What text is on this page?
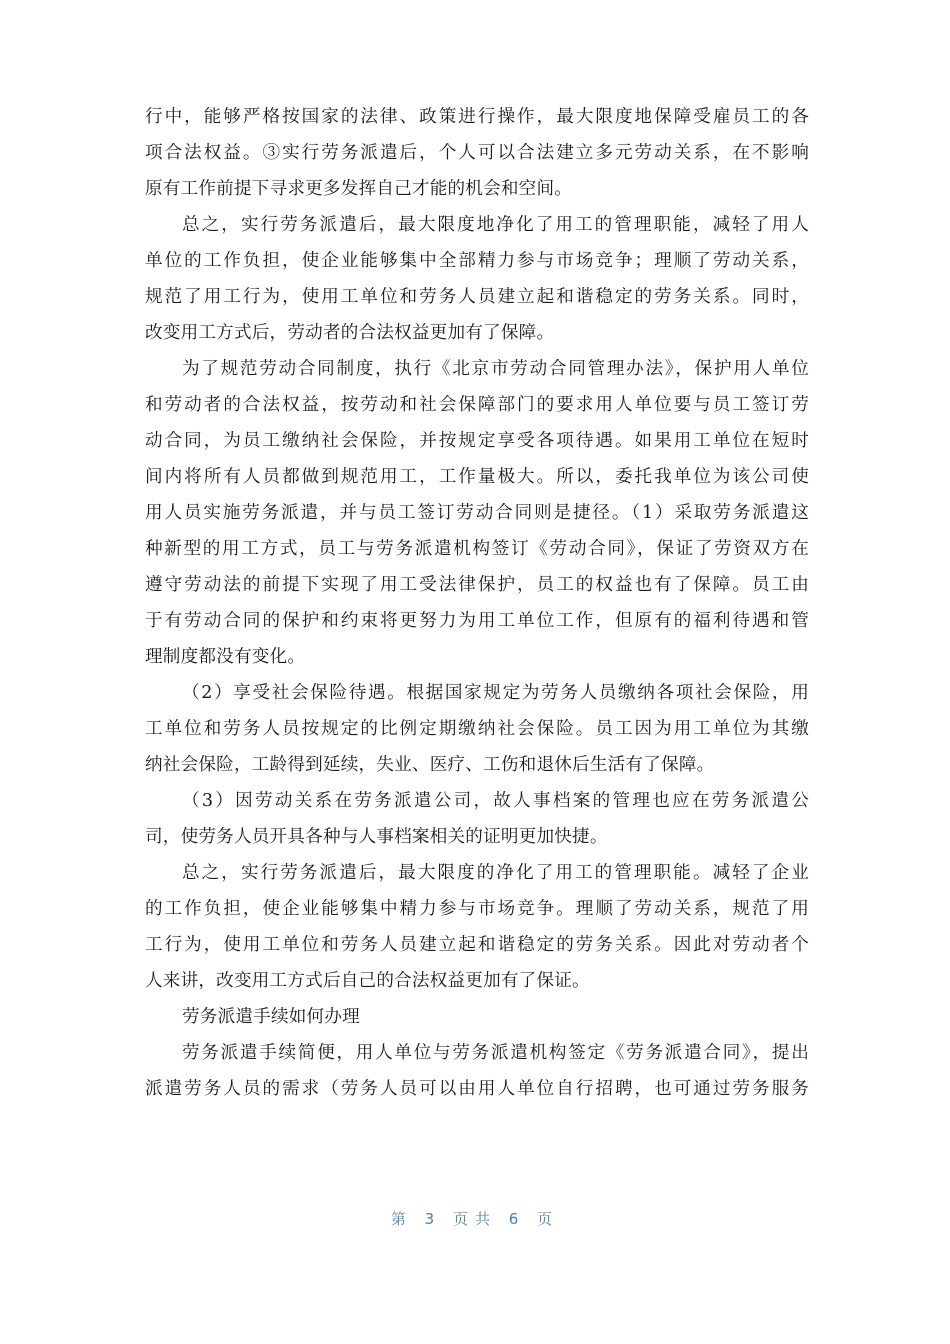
行中，能够严格按国家的法律、政策进行操作，最大限度地保障受雇员工的各
项合法权益。③实行劳务派遣后，个人可以合法建立多元劳动关系，在不影响
原有工作前提下寻求更多发挥自己才能的机会和空间。
总之，实行劳务派遣后，最大限度地净化了用工的管理职能，减轻了用人
单位的工作负担，使企业能够集中全部精力参与市场竞争；理顺了劳动关系，
规范了用工行为，使用工单位和劳务人员建立起和谐稳定的劳务关系。同时，
改变用工方式后，劳动者的合法权益更加有了保障。
为了规范劳动合同制度，执行《北京市劳动合同管理办法》，保护用人单位
和劳动者的合法权益，按劳动和社会保障部门的要求用人单位要与员工签订劳
动合同，为员工缴纳社会保险，并按规定享受各项待遇。如果用工单位在短时
间内将所有人员都做到规范用工，工作量极大。所以，委托我单位为该公司使
用人员实施劳务派遣，并与员工签订劳动合同则是捷径。（1）采取劳务派遣这
种新型的用工方式，员工与劳务派遣机构签订《劳动合同》，保证了劳资双方在
遵守劳动法的前提下实现了用工受法律保护，员工的权益也有了保障。员工由
于有劳动合同的保护和约束将更努力为用工单位工作，但原有的福利待遇和管
理制度都没有变化。
（2）享受社会保险待遇。根据国家规定为劳务人员缴纳各项社会保险，用
工单位和劳务人员按规定的比例定期缴纳社会保险。员工因为用工单位为其缴
纳社会保险，工龄得到延续，失业、医疗、工伤和退休后生活有了保障。
（3）因劳动关系在劳务派遣公司，故人事档案的管理也应在劳务派遣公
司，使劳务人员开具各种与人事档案相关的证明更加快捷。
总之，实行劳务派遣后，最大限度的净化了用工的管理职能。减轻了企业
的工作负担，使企业能够集中精力参与市场竞争。理顺了劳动关系，规范了用
工行为，使用工单位和劳务人员建立起和谐稳定的劳务关系。因此对劳动者个
人来讲，改变用工方式后自己的合法权益更加有了保证。
劳务派遣手续如何办理
劳务派遣手续简便，用人单位与劳务派遣机构签定《劳务派遣合同》，提出
派遣劳务人员的需求（劳务人员可以由用人单位自行招聘，也可通过劳务服务
第 3 页共 6 页
